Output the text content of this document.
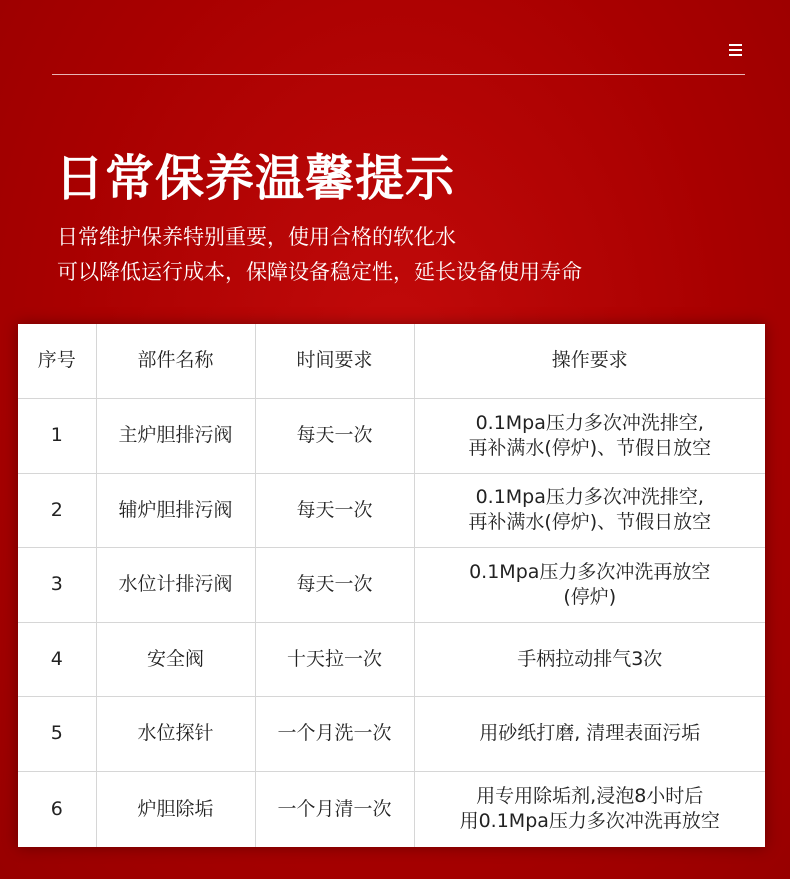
日常保养温馨提示
日常维护保养特别重要，使用合格的软化水
可以降低运行成本，保障设备稳定性，延长设备使用寿命
序号	部件名称	时间要求	操作要求
1	主炉胆排污阀	每天一次	0.1Mpa压力多次冲洗排空,
再补满水(停炉)、节假日放空
2	辅炉胆排污阀	每天一次	0.1Mpa压力多次冲洗排空,
再补满水(停炉)、节假日放空
3	水位计排污阀	每天一次	0.1Mpa压力多次冲洗再放空
(停炉)
4	安全阀	十天拉一次	手柄拉动排气3次
5	水位探针	一个月洗一次	用砂纸打磨, 清理表面污垢
6	炉胆除垢	一个月清一次	用专用除垢剂,浸泡8小时后
用0.1Mpa压力多次冲洗再放空
